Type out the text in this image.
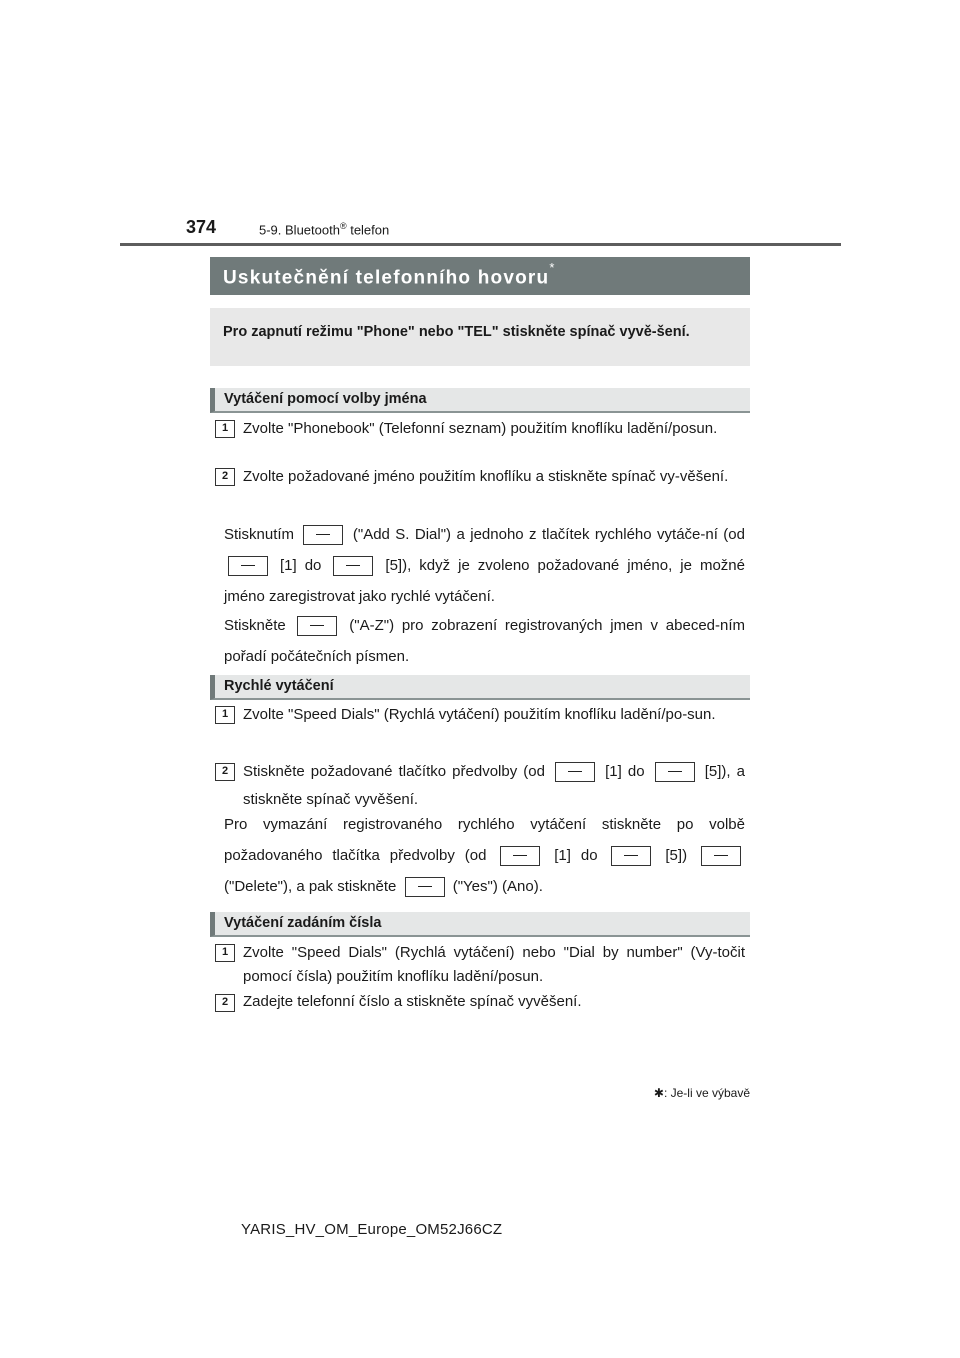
374	5-9. Bluetooth® telefon
Uskutečnění telefonního hovoru*
Pro zapnutí režimu "Phone" nebo "TEL" stiskněte spínač vyvě-šení.
Vytáčení pomocí volby jména
1 Zvolte "Phonebook" (Telefonní seznam) použitím knoflíku ladění/posun.
2 Zvolte požadované jméno použitím knoflíku a stiskněte spínač vy-věšení.
Stisknutím	("Add S. Dial") a jednoho z tlačítek rychlého vytáče-ní (od  [1] do	[5]), když je zvoleno požadované jméno, je možné jméno zaregistrovat jako rychlé vytáčení.
Stiskněte	("A-Z") pro zobrazení registrovaných jmen v abeced-ním pořadí počátečních písmen.
Rychlé vytáčení
1 Zvolte "Speed Dials" (Rychlá vytáčení) použitím knoflíku ladění/po-sun.
2 Stiskněte požadované tlačítko předvolby (od	[1] do	[5]), a stiskněte spínač vyvěšení.
Pro vymazání registrovaného rychlého vytáčení stiskněte po volbě požadovaného tlačítka předvolby (od	[1] do	[5])  ("Delete"), a pak stiskněte	("Yes") (Ano).
Vytáčení zadáním čísla
1 Zvolte "Speed Dials" (Rychlá vytáčení) nebo "Dial by number" (Vy-točit pomocí čísla) použitím knoflíku ladění/posun.
2 Zadejte telefonní číslo a stiskněte spínač vyvěšení.
✱: Je-li ve výbavě
YARIS_HV_OM_Europe_OM52J66CZ
